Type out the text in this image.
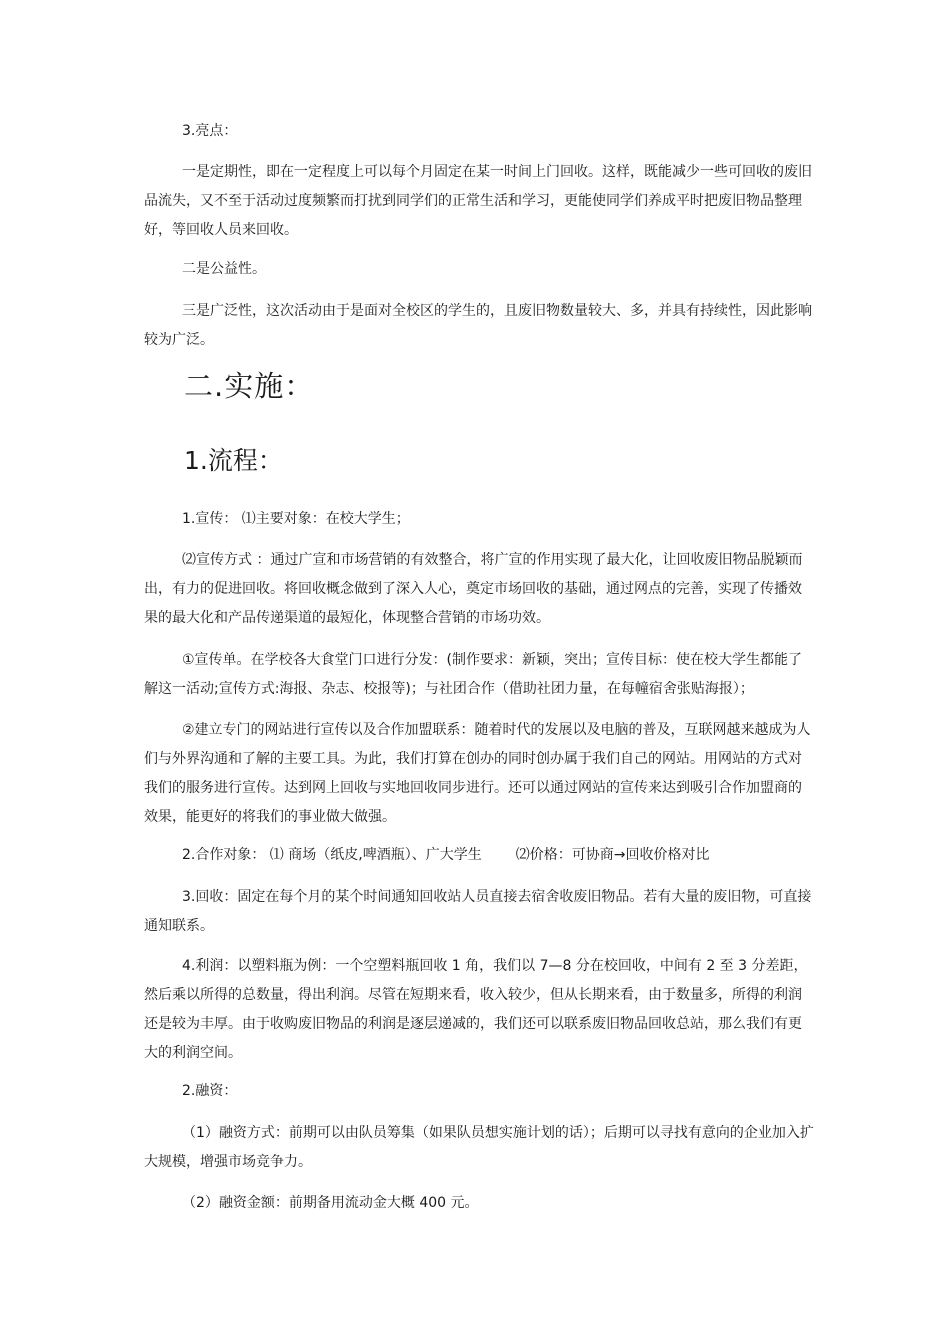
3.亮点：

一是定期性，即在一定程度上可以每个月固定在某一时间上门回收。这样，既能减少一些可回收的废旧品流失，又不至于活动过度频繁而打扰到同学们的正常生活和学习，更能使同学们养成平时把废旧物品整理好，等回收人员来回收。

二是公益性。

三是广泛性，这次活动由于是面对全校区的学生的，且废旧物数量较大、多，并具有持续性，因此影响较为广泛。

二.实施：
1.流程：

1.宣传： ⑴主要对象：在校大学生；

⑵宣传方式 ：通过广宣和市场营销的有效整合，将广宣的作用实现了最大化，让回收废旧物品脱颖而出，有力的促进回收。将回收概念做到了深入人心，奠定市场回收的基础，通过网点的完善，实现了传播效果的最大化和产品传递渠道的最短化，体现整合营销的市场功效。

①宣传单。在学校各大食堂门口进行分发：(制作要求：新颖，突出；宣传目标：使在校大学生都能了解这一活动;宣传方式:海报、杂志、校报等)；与社团合作（借助社团力量，在每幢宿舍张贴海报）；

②建立专门的网站进行宣传以及合作加盟联系：随着时代的发展以及电脑的普及，互联网越来越成为人们与外界沟通和了解的主要工具。为此，我们打算在创办的同时创办属于我们自己的网站。用网站的方式对我们的服务进行宣传。达到网上回收与实地回收同步进行。还可以通过网站的宣传来达到吸引合作加盟商的效果，能更好的将我们的事业做大做强。

2.合作对象： ⑴ 商场（纸皮,啤酒瓶）、广大学生 ⑵价格：可协商→回收价格对比

3.回收：固定在每个月的某个时间通知回收站人员直接去宿舍收废旧物品。若有大量的废旧物，可直接通知联系。

4.利润：以塑料瓶为例：一个空塑料瓶回收 1 角，我们以 7—8 分在校回收，中间有 2 至 3 分差距，然后乘以所得的总数量，得出利润。尽管在短期来看，收入较少，但从长期来看，由于数量多，所得的利润还是较为丰厚。由于收购废旧物品的利润是逐层递减的，我们还可以联系废旧物品回收总站，那么我们有更大的利润空间。

2.融资：

（1）融资方式：前期可以由队员筹集（如果队员想实施计划的话）；后期可以寻找有意向的企业加入扩大规模，增强市场竞争力。

（2）融资金额：前期备用流动金大概 400 元。
